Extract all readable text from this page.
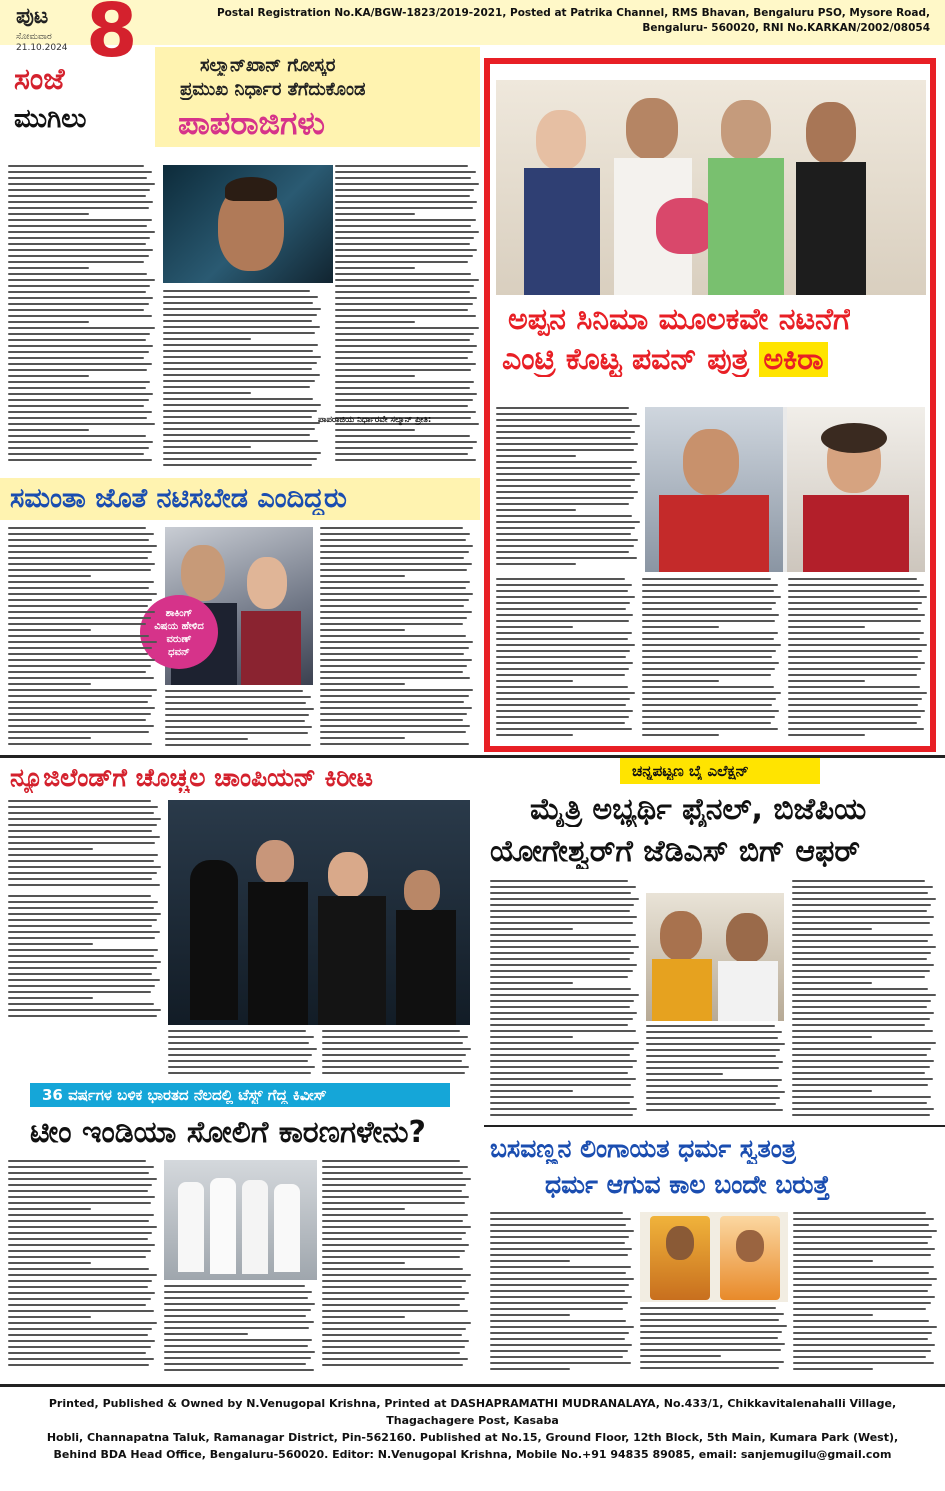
ಪುಟ
ಸೋಮವಾರ
21.10.2024 8
ಸಂಜೆ
ಮುಗಿಲು
Postal Registration No.KA/BGW-1823/2019-2021, Posted at Patrika Channel, RMS Bhavan, Bengaluru PSO, Mysore Road,
Bengaluru- 560020, RNI No.KARKAN/2002/08054
ಸಲ್ಮಾನ್‌ಖಾನ್ ಗೋಸ್ಕರ
ಪ್ರಮುಖ ನಿರ್ಧಾರ ತೆಗೆದುಕೊಂಡ
ಪಾಪರಾಜಿಗಳು
ಪಾಪರಾಜಿಯ ನಿರ್ಧಾರವೇ ಸಲ್ಮಾನ್ ಪ್ರೀತಿ:
ಸಮಂತಾ ಜೊತೆ ನಟಿಸಬೇಡ ಎಂದಿದ್ದರು
ಶಾಕಿಂಗ್
ವಿಷಯ ಹೇಳಿದ ವರುಣ್
ಧವನ್
ಅಪ್ಪನ ಸಿನಿಮಾ ಮೂಲಕವೇ ನಟನೆಗೆ
ಎಂಟ್ರಿ ಕೊಟ್ಟ ಪವನ್ ಪುತ್ರ ಅಕಿರಾ
ನ್ಯೂಜಿಲೆಂಡ್‌ಗೆ ಚೊಚ್ಚಲ ಚಾಂಪಿಯನ್ ಕಿರೀಟ
36 ವರ್ಷಗಳ ಬಳಿಕ ಭಾರತದ ನೆಲದಲ್ಲಿ ಟೆಸ್ಟ್ ಗೆದ್ದ ಕಿವೀಸ್
ಟೀಂ ಇಂಡಿಯಾ ಸೋಲಿಗೆ ಕಾರಣಗಳೇನು?
ಚನ್ನಪಟ್ಟಣ ಬೈ ಎಲೆಕ್ಷನ್
ಮೈತ್ರಿ ಅಭ್ಯರ್ಥಿ ಫೈನಲ್, ಬಿಜೆಪಿಯ
ಯೋಗೇಶ್ವರ್‌ಗೆ ಜೆಡಿಎಸ್ ಬಿಗ್ ಆಫರ್
ಬಸವಣ್ಣನ ಲಿಂಗಾಯತ ಧರ್ಮ ಸ್ವತಂತ್ರ
ಧರ್ಮ ಆಗುವ ಕಾಲ ಬಂದೇ ಬರುತ್ತೆ
Printed, Published & Owned by N.Venugopal Krishna, Printed at DASHAPRAMATHI MUDRANALAYA, No.433/1, Chikkavitalenahalli Village, Thagachagere Post, Kasaba
Hobli, Channapatna Taluk, Ramanagar District, Pin-562160. Published at No.15, Ground Floor, 12th Block, 5th Main, Kumara Park (West),
Behind BDA Head Office, Bengaluru-560020. Editor: N.Venugopal Krishna, Mobile No.+91 94835 89085, email: sanjemugilu@gmail.com
